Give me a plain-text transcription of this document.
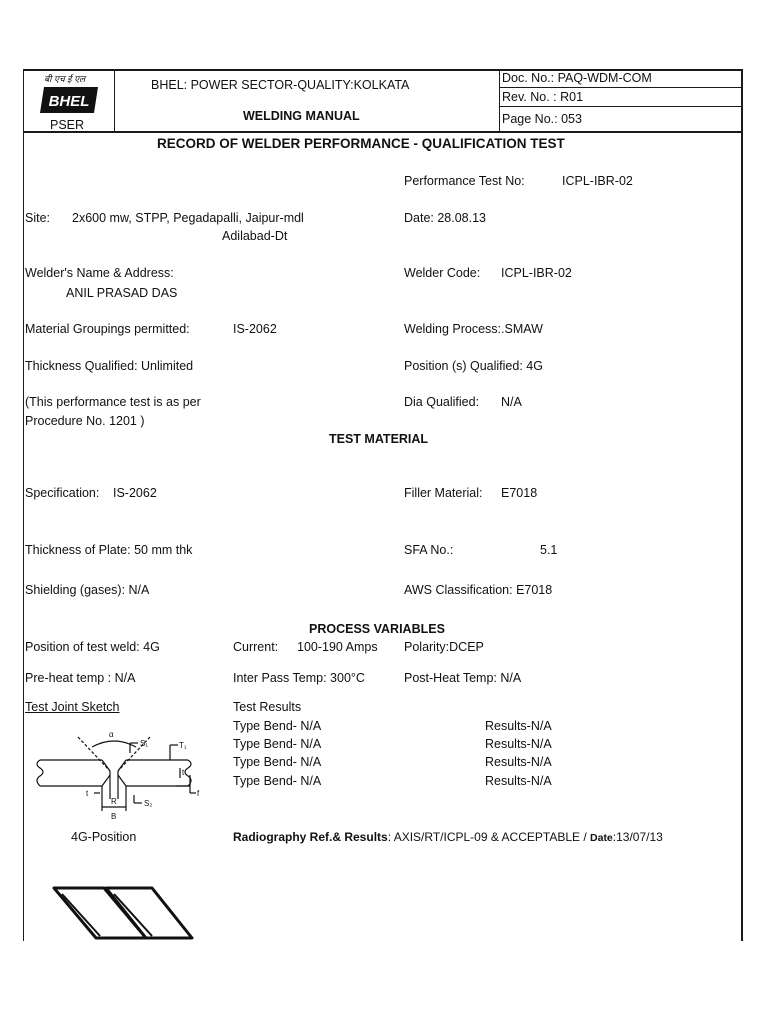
बी एच ई एल
BHEL
PSER
BHEL: POWER SECTOR-QUALITY:KOLKATA
WELDING MANUAL
Doc. No.: PAQ-WDM-COM
Rev. No. : R01
Page No.: 053
RECORD OF WELDER PERFORMANCE - QUALIFICATION TEST
Performance Test No:	ICPL-IBR-02
Site: 2x600 mw, STPP, Pegadapalli, Jaipur-mdl
Adilabad-Dt
Date: 28.08.13
Welder's Name & Address:
ANIL PRASAD DAS
Welder Code: ICPL-IBR-02
Material Groupings permitted:	IS-2062	Welding Process:.SMAW
Thickness Qualified: Unlimited	Position (s) Qualified: 4G
(This performance test is as per
Procedure No. 1201 )
Dia Qualified: N/A
TEST MATERIAL
Specification: IS-2062	Filler Material: E7018
Thickness of Plate: 50 mm thk	SFA No.:	5.1
Shielding (gases): N/A	AWS Classification: E7018
PROCESS VARIABLES
Position of test weld: 4G	Current: 100-190 Amps Polarity:DCEP
Pre-heat temp : N/A	Inter Pass Temp: 300°C	Post-Heat Temp: N/A
Test Joint Sketch
α
S₁	T₁
t
t	f
R
B
S₂
4G-Position
Test Results
Type Bend- N/A	Results-N/A
Type Bend- N/A	Results-N/A
Type Bend- N/A	Results-N/A
Type Bend- N/A	Results-N/A
Radiography Ref.& Results: AXIS/RT/ICPL-09 & ACCEPTABLE / Date:13/07/13
